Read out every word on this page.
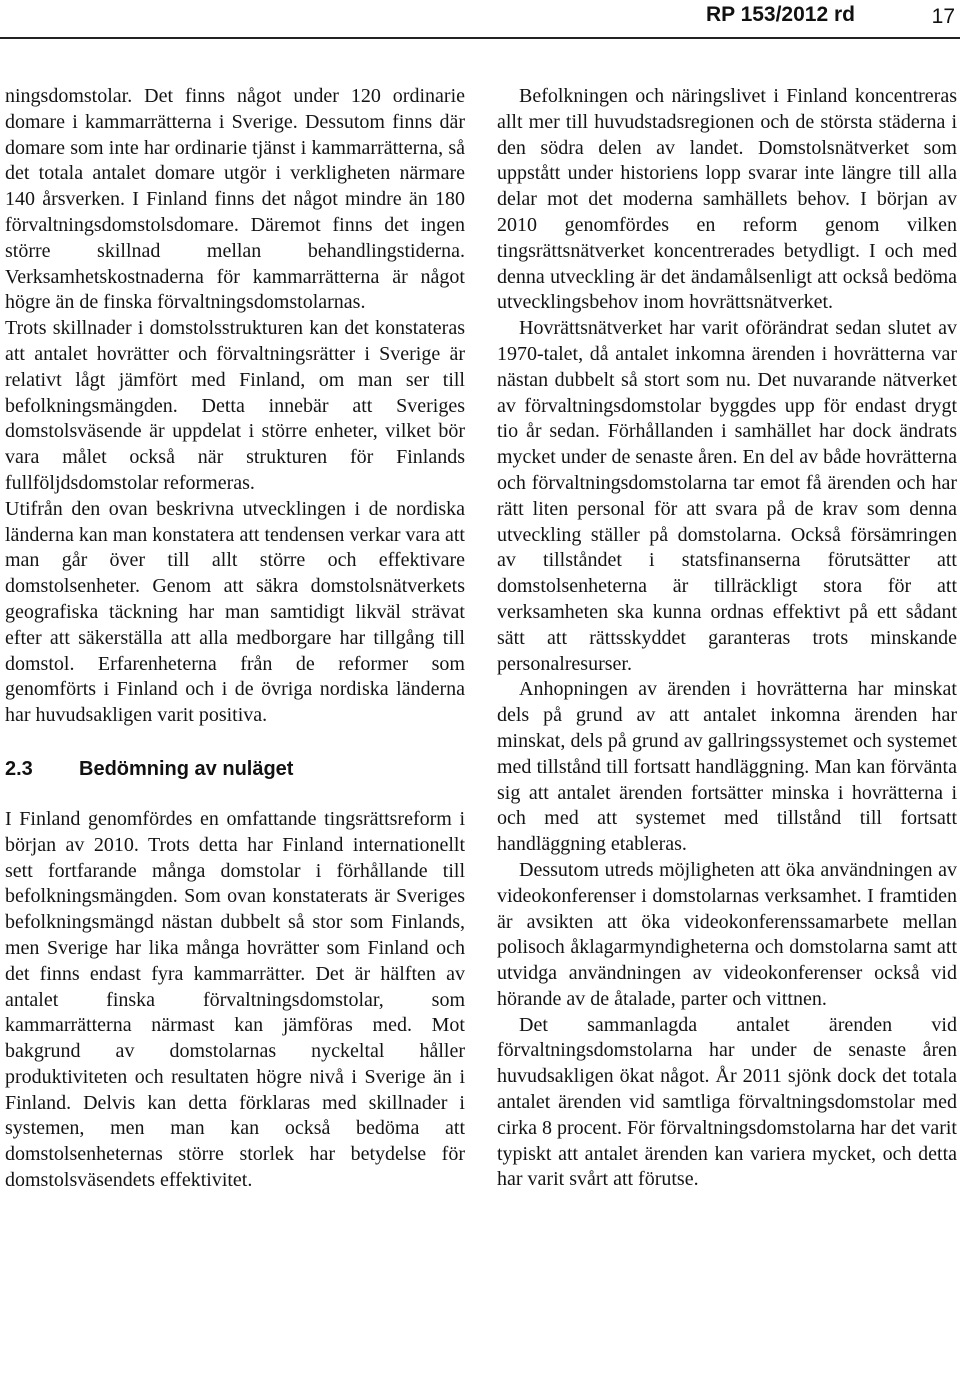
RP 153/2012 rd	17

ningsdomstolar. Det finns något under 120 ordinarie domare i kammarrätterna i Sverige. Dessutom finns där domare som inte har ordinarie tjänst i kammarrätterna, så det totala antalet domare utgör i verkligheten närmare 140 årsverken. I Finland finns det något mindre än 180 förvaltningsdomstolsdomare. Däremot finns det ingen större skillnad mellan behandlingstiderna. Verksamhetskostnaderna för kammarrätterna är något högre än de finska förvaltningsdomstolarnas.

Trots skillnader i domstolsstrukturen kan det konstateras att antalet hovrätter och förvaltningsrätter i Sverige är relativt lågt jämfört med Finland, om man ser till befolkningsmängden. Detta innebär att Sveriges domstolsväsende är uppdelat i större enheter, vilket bör vara målet också när strukturen för Finlands fullföljdsdomstolar reformeras.

Utifrån den ovan beskrivna utvecklingen i de nordiska länderna kan man konstatera att tendensen verkar vara att man går över till allt större och effektivare domstolsenheter. Genom att säkra domstolsnätverkets geografiska täckning har man samtidigt likväl strävat efter att säkerställa att alla medborgare har tillgång till domstol. Erfarenheterna från de reformer som genomförts i Finland och i de övriga nordiska länderna har huvudsakligen varit positiva.

2.3 Bedömning av nuläget

I Finland genomfördes en omfattande tingsrättsreform i början av 2010. Trots detta har Finland internationellt sett fortfarande många domstolar i förhållande till befolkningsmängden. Som ovan konstaterats är Sveriges befolkningsmängd nästan dubbelt så stor som Finlands, men Sverige har lika många hovrätter som Finland och det finns endast fyra kammarrätter. Det är hälften av antalet finska förvaltningsdomstolar, som kammarrätterna närmast kan jämföras med. Mot bakgrund av domstolarnas nyckeltal håller produktiviteten och resultaten högre nivå i Sverige än i Finland. Delvis kan detta förklaras med skillnader i systemen, men man kan också bedöma att domstolsenheternas större storlek har betydelse för domstolsväsendets effektivitet.

Befolkningen och näringslivet i Finland koncentreras allt mer till huvudstadsregionen och de största städerna i den södra delen av landet. Domstolsnätverket som uppstått under historiens lopp svarar inte längre till alla delar mot det moderna samhällets behov. I början av 2010 genomfördes en reform genom vilken tingsrättsnätverket koncentrerades betydligt. I och med denna utveckling är det ändamålsenligt att också bedöma utvecklingsbehov inom hovrättsnätverket.

Hovrättsnätverket har varit oförändrat sedan slutet av 1970-talet, då antalet inkomna ärenden i hovrätterna var nästan dubbelt så stort som nu. Det nuvarande nätverket av förvaltningsdomstolar byggdes upp för endast drygt tio år sedan. Förhållanden i samhället har dock ändrats mycket under de senaste åren. En del av både hovrätterna och förvaltningsdomstolarna tar emot få ärenden och har rätt liten personal för att svara på de krav som denna utveckling ställer på domstolarna. Också försämringen av tillståndet i statsfinanserna förutsätter att domstolsenheterna är tillräckligt stora för att verksamheten ska kunna ordnas effektivt på ett sådant sätt att rättsskyddet garanteras trots minskande personalresurser.

Anhopningen av ärenden i hovrätterna har minskat dels på grund av att antalet inkomna ärenden har minskat, dels på grund av gallringssystemet och systemet med tillstånd till fortsatt handläggning. Man kan förvänta sig att antalet ärenden fortsätter minska i hovrätterna i och med att systemet med tillstånd till fortsatt handläggning etableras.

Dessutom utreds möjligheten att öka användningen av videokonferenser i domstolarnas verksamhet. I framtiden är avsikten att öka videokonferenssamarbete mellan polisoch åklagarmyndigheterna och domstolarna samt att utvidga användningen av videokonferenser också vid hörande av de åtalade, parter och vittnen.

Det sammanlagda antalet ärenden vid förvaltningsdomstolarna har under de senaste åren huvudsakligen ökat något. År 2011 sjönk dock det totala antalet ärenden vid samtliga förvaltningsdomstolar med cirka 8 procent. För förvaltningsdomstolarna har det varit typiskt att antalet ärenden kan variera mycket, och detta har varit svårt att förutse.
